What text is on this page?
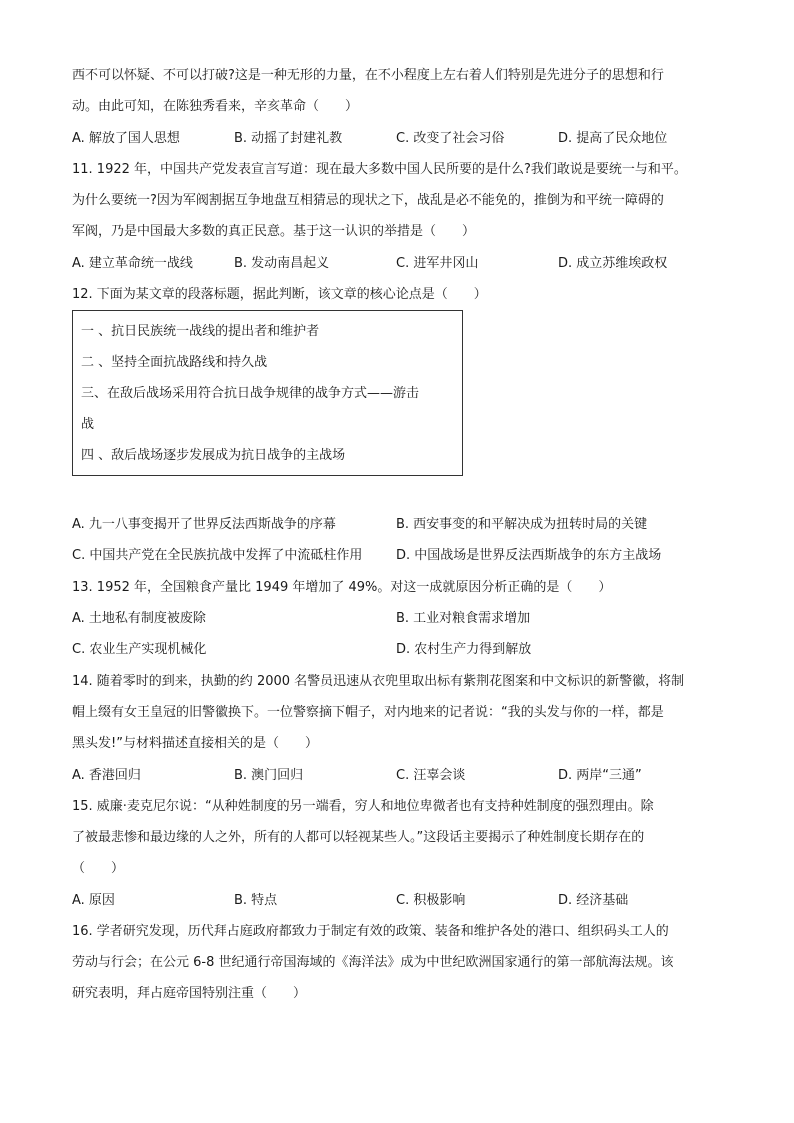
西不可以怀疑、不可以打破?这是一种无形的力量，在不小程度上左右着人们特别是先进分子的思想和行
动。由此可知，在陈独秀看来，辛亥革命（　　）
A. 解放了国人思想	B. 动摇了封建礼教	C. 改变了社会习俗	D. 提高了民众地位
11. 1922 年，中国共产党发表宣言写道：现在最大多数中国人民所要的是什么?我们敢说是要统一与和平。
为什么要统一?因为军阀割据互争地盘互相猜忌的现状之下，战乱是必不能免的，推倒为和平统一障碍的
军阀，乃是中国最大多数的真正民意。基于这一认识的举措是（　　）
A. 建立革命统一战线	B. 发动南昌起义	C. 进军井冈山	D. 成立苏维埃政权
12. 下面为某文章的段落标题，据此判断，该文章的核心论点是（　　）
一 、抗日民族统一战线的提出者和维护者
二 、坚持全面抗战路线和持久战
三、在敌后战场采用符合抗日战争规律的战争方式——游击
战
四 、敌后战场逐步发展成为抗日战争的主战场
A. 九一八事变揭开了世界反法西斯战争的序幕	B. 西安事变的和平解决成为扭转时局的关键
C. 中国共产党在全民族抗战中发挥了中流砥柱作用	D. 中国战场是世界反法西斯战争的东方主战场
13. 1952 年，全国粮食产量比 1949 年增加了 49%。对这一成就原因分析正确的是（　　）
A. 土地私有制度被废除	B. 工业对粮食需求增加
C. 农业生产实现机械化	D. 农村生产力得到解放
14. 随着零时的到来，执勤的约 2000 名警员迅速从衣兜里取出标有紫荆花图案和中文标识的新警徽，将制
帽上缀有女王皇冠的旧警徽换下。一位警察摘下帽子，对内地来的记者说：“我的头发与你的一样，都是
黑头发!”与材料描述直接相关的是（　　）
A. 香港回归	B. 澳门回归	C. 汪辜会谈	D. 两岸“三通”
15. 威廉·麦克尼尔说：“从种姓制度的另一端看，穷人和地位卑微者也有支持种姓制度的强烈理由。除
了被最悲惨和最边缘的人之外，所有的人都可以轻视某些人。”这段话主要揭示了种姓制度长期存在的
（　　）
A. 原因	B. 特点	C. 积极影响	D. 经济基础
16. 学者研究发现，历代拜占庭政府都致力于制定有效的政策、装备和维护各处的港口、组织码头工人的
劳动与行会；在公元 6-8 世纪通行帝国海域的《海洋法》成为中世纪欧洲国家通行的第一部航海法规。该
研究表明，拜占庭帝国特别注重（　　）
